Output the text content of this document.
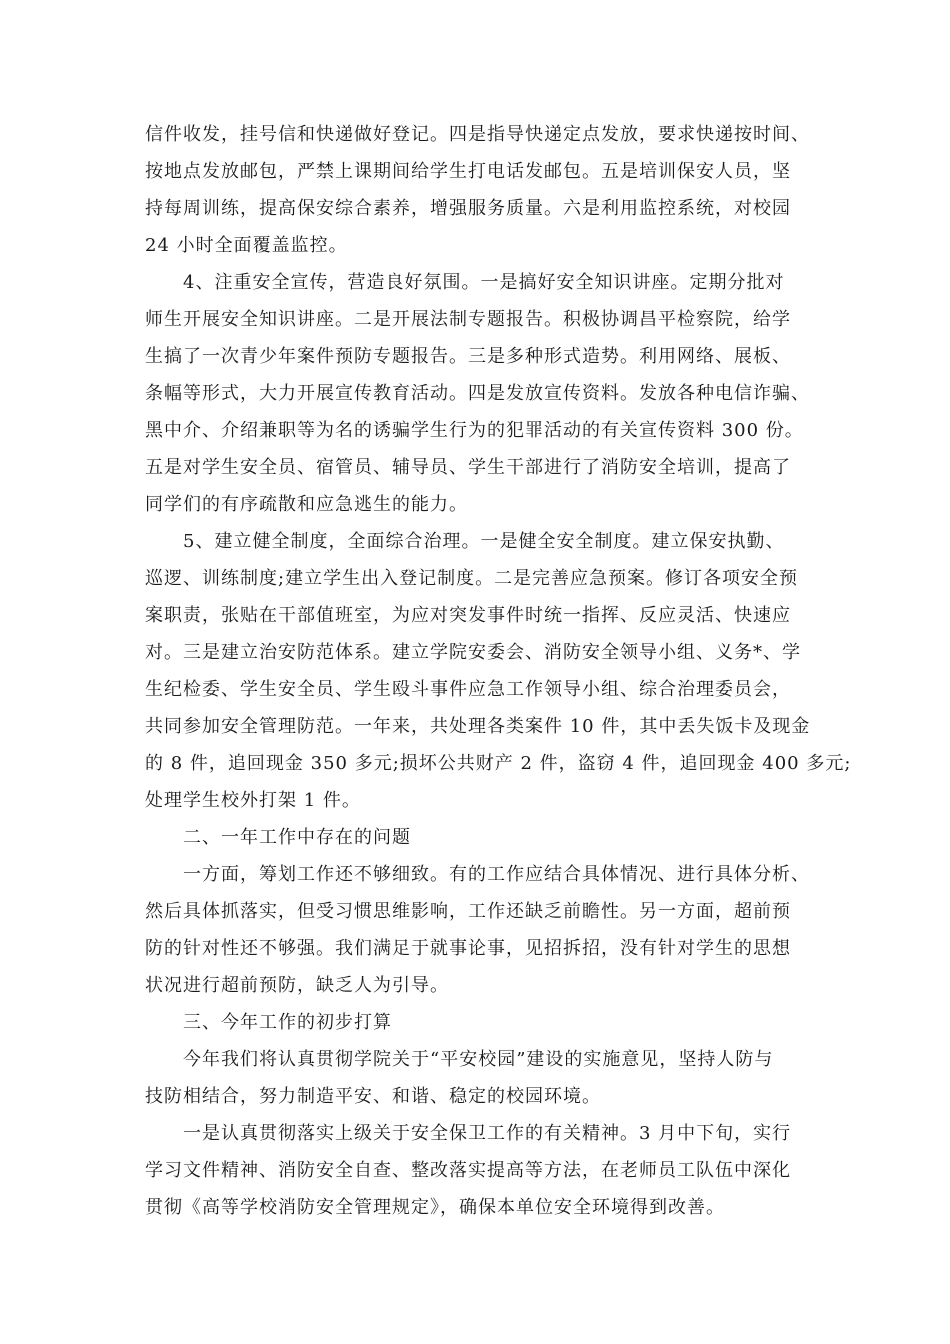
信件收发，挂号信和快递做好登记。四是指导快递定点发放，要求快递按时间、
按地点发放邮包，严禁上课期间给学生打电话发邮包。五是培训保安人员，坚
持每周训练，提高保安综合素养，增强服务质量。六是利用监控系统，对校园
24 小时全面覆盖监控。
4、注重安全宣传，营造良好氛围。一是搞好安全知识讲座。定期分批对
师生开展安全知识讲座。二是开展法制专题报告。积极协调昌平检察院，给学
生搞了一次青少年案件预防专题报告。三是多种形式造势。利用网络、展板、
条幅等形式，大力开展宣传教育活动。四是发放宣传资料。发放各种电信诈骗、
黑中介、介绍兼职等为名的诱骗学生行为的犯罪活动的有关宣传资料 300 份。
五是对学生安全员、宿管员、辅导员、学生干部进行了消防安全培训，提高了
同学们的有序疏散和应急逃生的能力。
5、建立健全制度，全面综合治理。一是健全安全制度。建立保安执勤、
巡逻、训练制度;建立学生出入登记制度。二是完善应急预案。修订各项安全预
案职责，张贴在干部值班室，为应对突发事件时统一指挥、反应灵活、快速应
对。三是建立治安防范体系。建立学院安委会、消防安全领导小组、义务*、学
生纪检委、学生安全员、学生殴斗事件应急工作领导小组、综合治理委员会，
共同参加安全管理防范。一年来，共处理各类案件 10 件，其中丢失饭卡及现金
的 8 件，追回现金 350 多元;损坏公共财产 2 件，盗窃 4 件，追回现金 400 多元;
处理学生校外打架 1 件。
二、一年工作中存在的问题
一方面，筹划工作还不够细致。有的工作应结合具体情况、进行具体分析、
然后具体抓落实，但受习惯思维影响，工作还缺乏前瞻性。另一方面，超前预
防的针对性还不够强。我们满足于就事论事，见招拆招，没有针对学生的思想
状况进行超前预防，缺乏人为引导。
三、今年工作的初步打算
今年我们将认真贯彻学院关于“平安校园”建设的实施意见，坚持人防与
技防相结合，努力制造平安、和谐、稳定的校园环境。
一是认真贯彻落实上级关于安全保卫工作的有关精神。3 月中下旬，实行
学习文件精神、消防安全自查、整改落实提高等方法，在老师员工队伍中深化
贯彻《高等学校消防安全管理规定》，确保本单位安全环境得到改善。
